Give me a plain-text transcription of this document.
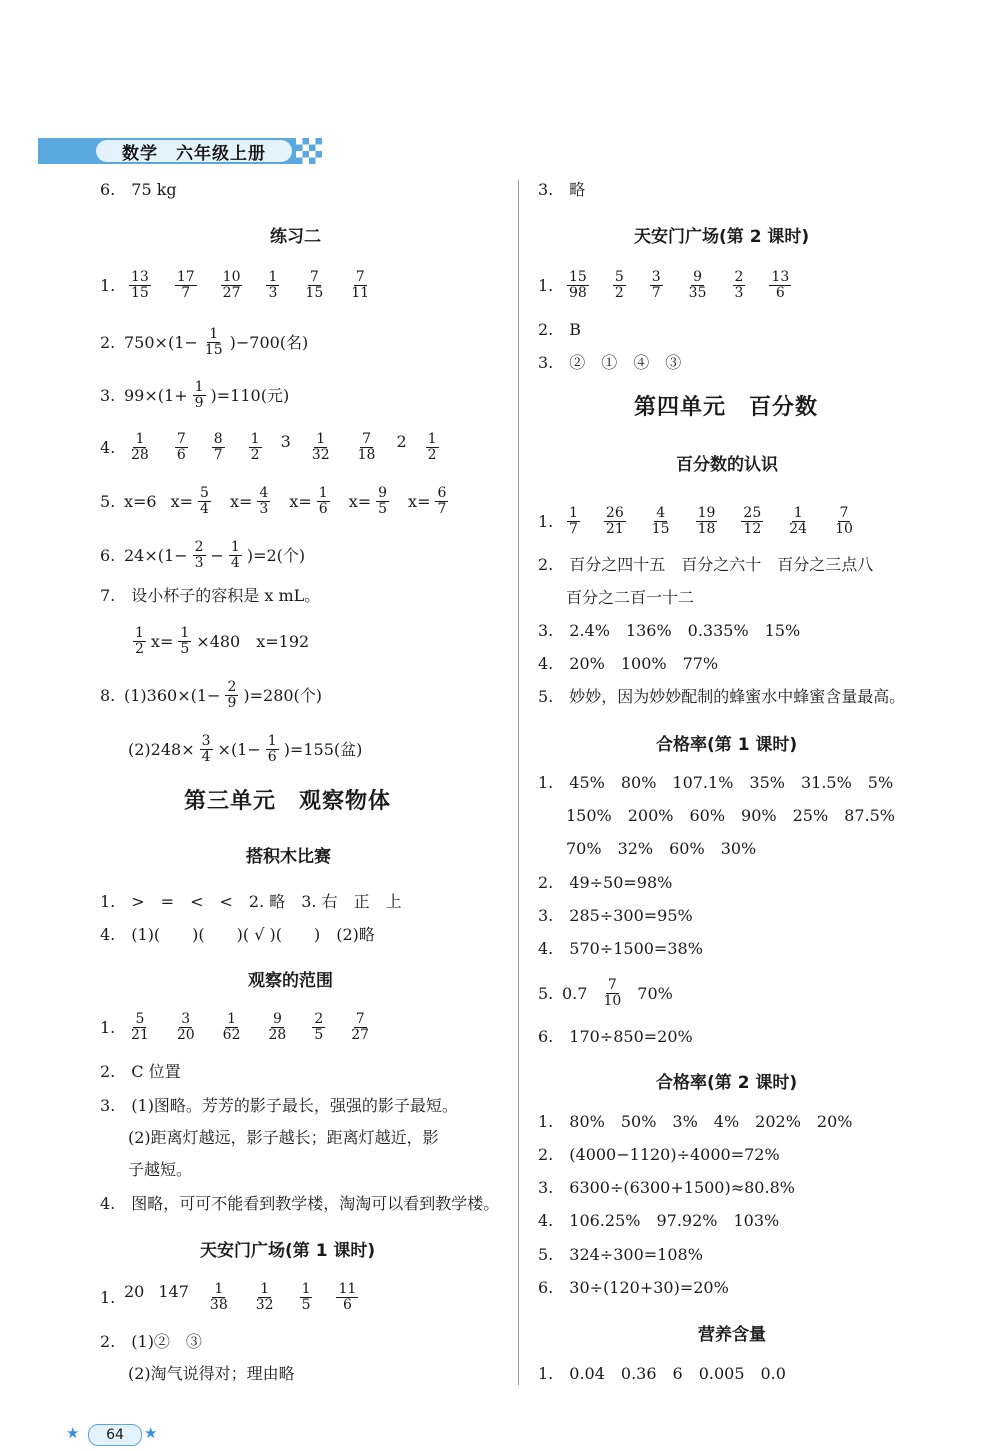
数学　六年级上册
6.　75 kg
练习二
1. $\frac{13}{15} \frac{17}{7} \frac{10}{27} \frac{1}{3} \frac{7}{15} \frac{7}{11}$
2. $750\times(1- \frac{1}{15} )-700$(名)
3. $99\times(1+ \frac{1}{9} )=110$(元)
4. $\frac{1}{28} \frac{7}{6} \frac{8}{7} \frac{1}{2} 3 \frac{1}{32} \frac{7}{18} 2 \frac{1}{2}$
5. x=6 $x= \frac{5}{4} x= \frac{4}{3} x= \frac{1}{6} x= \frac{9}{5} x= \frac{6}{7}$
6. $24\times(1- \frac{2}{3} - \frac{1}{4} )=2$(个)
7.　设小杯子的容积是 x mL。
$\frac{1}{2} x= \frac{1}{5} \times 480$　x=192
8. $(1)360\times(1- \frac{2}{9} )=280$(个)
$(2)248\times \frac{3}{4} \times(1- \frac{1}{6} )=155$(盆)
第三单元　观察物体
搭积木比赛
1.　>　=　<　<　2. 略　3. 右　正　上
4.　(1)(　　)(　　)( √ )(　　)　(2)略
观察的范围
1. $\frac{5}{21} \frac{3}{20} \frac{1}{62} \frac{9}{28} \frac{2}{5} \frac{7}{27}$
2.　C 位置
3.　(1)图略。芳芳的影子最长，强强的影子最短。
(2)距离灯越远，影子越长；距离灯越近，影
子越短。
4.　图略，可可不能看到教学楼，淘淘可以看到教学楼。
天安门广场(第 1 课时)
1. 20 $147 \frac{1}{38} \frac{1}{32} \frac{1}{5} \frac{11}{6}$
2.　(1)②　③
(2)淘气说得对；理由略
3.　略
天安门广场(第 2 课时)
1. $\frac{15}{98} \frac{5}{2} \frac{3}{7} \frac{9}{35} \frac{2}{3} \frac{13}{6}$
2.　B
3.　②　①　④　③
第四单元　百分数
百分数的认识
1. $\frac{1}{7} \frac{26}{21} \frac{4}{15} \frac{19}{18} \frac{25}{12} \frac{1}{24} \frac{7}{10}$
2.　百分之四十五　百分之六十　百分之三点八
百分之二百一十二
3.　2.4%　136%　0.335%　15%
4.　20%　100%　77%
5.　妙妙，因为妙妙配制的蜂蜜水中蜂蜜含量最高。
合格率(第 1 课时)
1.　45%　80%　107.1%　35%　31.5%　5%
150%　200%　60%　90%　25%　87.5%
70%　32%　60%　30%
2.　49÷50=98%
3.　285÷300=95%
4.　570÷1500=38%
5. $0.7 \frac{7}{10} 70\%$
6.　170÷850=20%
合格率(第 2 课时)
1.　80%　50%　3%　4%　202%　20%
2.　(4000−1120)÷4000=72%
3.　6300÷(6300+1500)≈80.8%
4.　106.25%　97.92%　103%
5.　324÷300=108%
6.　30÷(120+30)=20%
营养含量
1.　0.04　0.36　6　0.005　0.0
★	64	★
